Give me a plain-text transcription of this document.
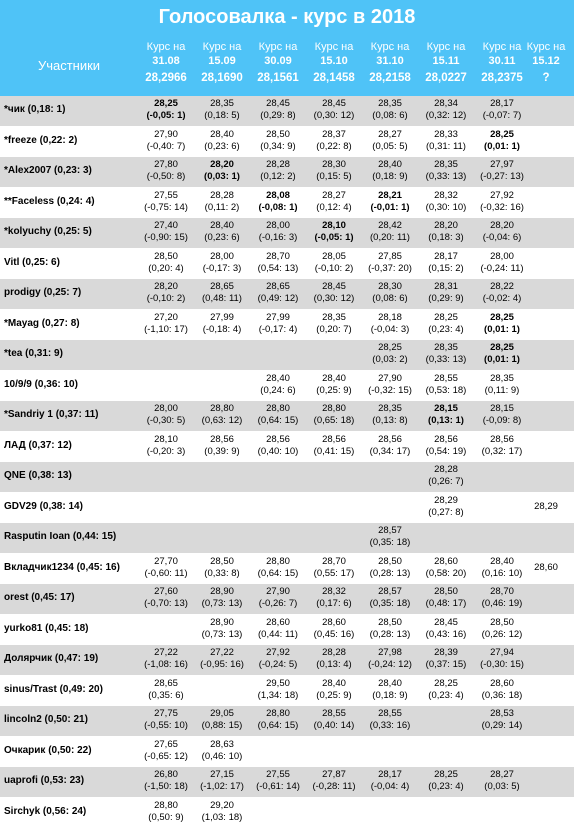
Голосовалка - курс в 2018
Участники
Курс на
31.08
28,2966
Курс на
15.09
28,1690
Курс на
30.09
28,1561
Курс на
15.10
28,1458
Курс на
31.10
28,2158
Курс на
15.11
28,0227
Курс на
30.11
28,2375
Курс на
15.12
?
*чик (0,18: 1)
28,25
(-0,05: 1)
28,35
(0,18: 5)
28,45
(0,29: 8)
28,45
(0,30: 12)
28,35
(0,08: 6)
28,34
(0,32: 12)
28,17
(-0,07: 7)
*freeze (0,22: 2)
27,90
(-0,40: 7)
28,40
(0,23: 6)
28,50
(0,34: 9)
28,37
(0,22: 8)
28,27
(0,05: 5)
28,33
(0,31: 11)
28,25
(0,01: 1)
*Alex2007 (0,23: 3)
27,80
(-0,50: 8)
28,20
(0,03: 1)
28,28
(0,12: 2)
28,30
(0,15: 5)
28,40
(0,18: 9)
28,35
(0,33: 13)
27,97
(-0,27: 13)
**Faceless (0,24: 4)
27,55
(-0,75: 14)
28,28
(0,11: 2)
28,08
(-0,08: 1)
28,27
(0,12: 4)
28,21
(-0,01: 1)
28,32
(0,30: 10)
27,92
(-0,32: 16)
*kolyuchy (0,25: 5)
27,40
(-0,90: 15)
28,40
(0,23: 6)
28,00
(-0,16: 3)
28,10
(-0,05: 1)
28,42
(0,20: 11)
28,20
(0,18: 3)
28,20
(-0,04: 6)
Vitl (0,25: 6)
28,50
(0,20: 4)
28,00
(-0,17: 3)
28,70
(0,54: 13)
28,05
(-0,10: 2)
27,85
(-0,37: 20)
28,17
(0,15: 2)
28,00
(-0,24: 11)
prodigy (0,25: 7)
28,20
(-0,10: 2)
28,65
(0,48: 11)
28,65
(0,49: 12)
28,45
(0,30: 12)
28,30
(0,08: 6)
28,31
(0,29: 9)
28,22
(-0,02: 4)
*Mayag (0,27: 8)
27,20
(-1,10: 17)
27,99
(-0,18: 4)
27,99
(-0,17: 4)
28,35
(0,20: 7)
28,18
(-0,04: 3)
28,25
(0,23: 4)
28,25
(0,01: 1)
*tea (0,31: 9)
28,25
(0,03: 2)
28,35
(0,33: 13)
28,25
(0,01: 1)
10/9/9 (0,36: 10)
28,40
(0,24: 6)
28,40
(0,25: 9)
27,90
(-0,32: 15)
28,55
(0,53: 18)
28,35
(0,11: 9)
*Sandriy 1 (0,37: 11)
28,00
(-0,30: 5)
28,80
(0,63: 12)
28,80
(0,64: 15)
28,80
(0,65: 18)
28,35
(0,13: 8)
28,15
(0,13: 1)
28,15
(-0,09: 8)
ЛАД (0,37: 12)
28,10
(-0,20: 3)
28,56
(0,39: 9)
28,56
(0,40: 10)
28,56
(0,41: 15)
28,56
(0,34: 17)
28,56
(0,54: 19)
28,56
(0,32: 17)
QNE (0,38: 13)
28,28
(0,26: 7)
GDV29 (0,38: 14)
28,29
(0,27: 8)
28,29
Rasputin Ioan (0,44: 15)
28,57
(0,35: 18)
Вкладчик1234 (0,45: 16)
27,70
(-0,60: 11)
28,50
(0,33: 8)
28,80
(0,64: 15)
28,70
(0,55: 17)
28,50
(0,28: 13)
28,60
(0,58: 20)
28,40
(0,16: 10)
28,60
orest (0,45: 17)
27,60
(-0,70: 13)
28,90
(0,73: 13)
27,90
(-0,26: 7)
28,32
(0,17: 6)
28,57
(0,35: 18)
28,50
(0,48: 17)
28,70
(0,46: 19)
yurko81 (0,45: 18)
28,90
(0,73: 13)
28,60
(0,44: 11)
28,60
(0,45: 16)
28,50
(0,28: 13)
28,45
(0,43: 16)
28,50
(0,26: 12)
Долярчик (0,47: 19)
27,22
(-1,08: 16)
27,22
(-0,95: 16)
27,92
(-0,24: 5)
28,28
(0,13: 4)
27,98
(-0,24: 12)
28,39
(0,37: 15)
27,94
(-0,30: 15)
sinus/Trast (0,49: 20)
28,65
(0,35: 6)
29,50
(1,34: 18)
28,40
(0,25: 9)
28,40
(0,18: 9)
28,25
(0,23: 4)
28,60
(0,36: 18)
lincoln2 (0,50: 21)
27,75
(-0,55: 10)
29,05
(0,88: 15)
28,80
(0,64: 15)
28,55
(0,40: 14)
28,55
(0,33: 16)
28,53
(0,29: 14)
Очкарик (0,50: 22)
27,65
(-0,65: 12)
28,63
(0,46: 10)
uaprofi (0,53: 23)
26,80
(-1,50: 18)
27,15
(-1,02: 17)
27,55
(-0,61: 14)
27,87
(-0,28: 11)
28,17
(-0,04: 4)
28,25
(0,23: 4)
28,27
(0,03: 5)
Sirchyk (0,56: 24)
28,80
(0,50: 9)
29,20
(1,03: 18)
